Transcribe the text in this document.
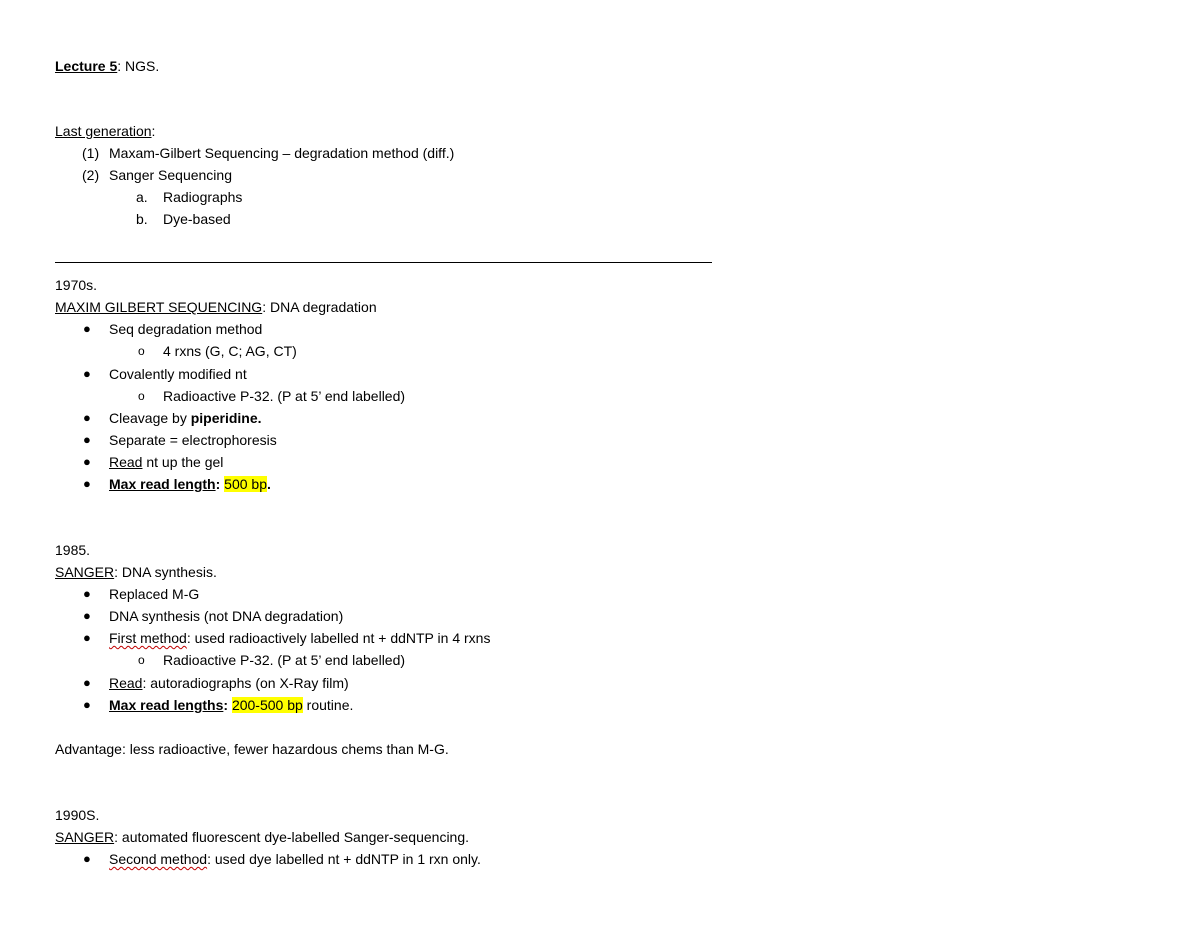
Lecture 5: NGS.
Last generation:
(1) Maxam-Gilbert Sequencing – degradation method (diff.)
(2) Sanger Sequencing
a. Radiographs
b. Dye-based
1970s.
MAXIM GILBERT SEQUENCING: DNA degradation
● Seq degradation method
o 4 rxns (G, C; AG, CT)
● Covalently modified nt
o Radioactive P-32. (P at 5’ end labelled)
● Cleavage by piperidine.
● Separate = electrophoresis
● Read nt up the gel
● Max read length: 500 bp.
1985.
SANGER: DNA synthesis.
● Replaced M-G
● DNA synthesis (not DNA degradation)
● First method: used radioactively labelled nt + ddNTP in 4 rxns
o Radioactive P-32. (P at 5’ end labelled)
● Read: autoradiographs (on X-Ray film)
● Max read lengths: 200-500 bp routine.
Advantage: less radioactive, fewer hazardous chems than M-G.
1990S.
SANGER: automated fluorescent dye-labelled Sanger-sequencing.
● Second method: used dye labelled nt + ddNTP in 1 rxn only.
